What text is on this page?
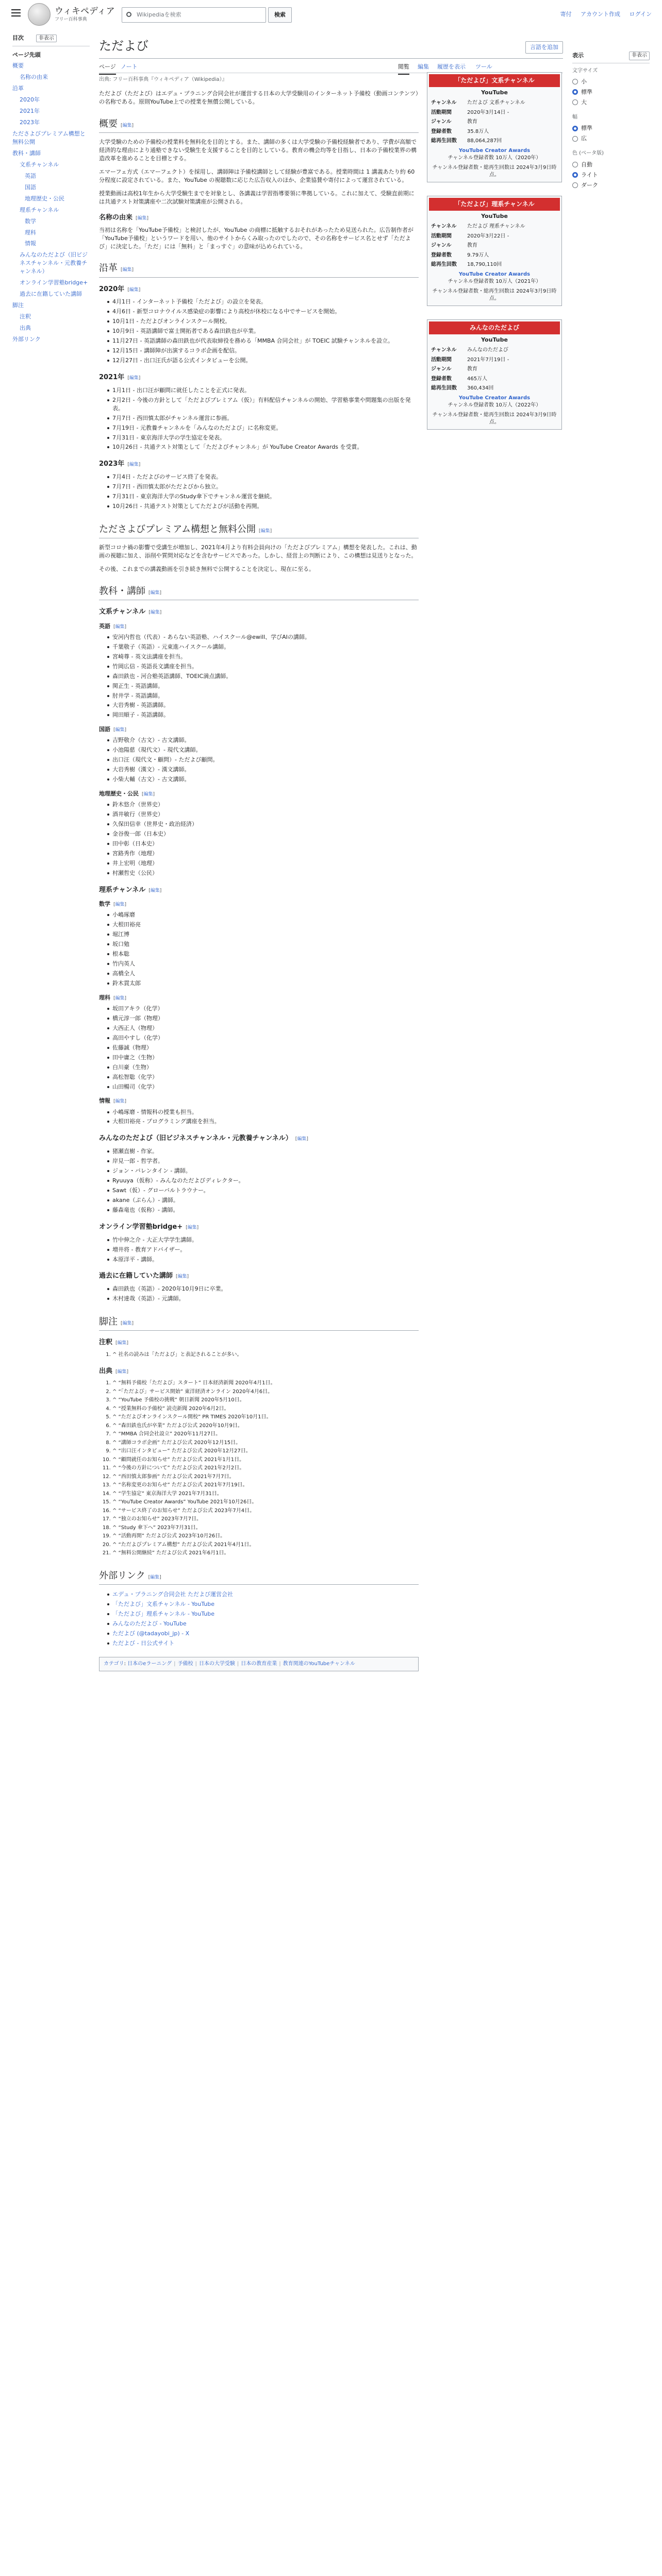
ウィキペディア
フリー百科事典
Wikipediaを検索	検索	寄付 アカウント作成 ログイン
目次	非表示
ページ先頭
概要
名称の由来
沿革
2020年
2021年
2023年
たださよびプレミアム構想と無料公開
教科・講師
文系チャンネル
英語
国語
地理歴史・公民
理系チャンネル
数学
理科
情報
みんなのただよび（旧ビジネスチャンネル・元教養チャンネル）
オンライン学習塾bridge+
過去に在籍していた講師
脚注
注釈
出典
外部リンク
ただよび	言語を追加
ページ ノート	閲覧 編集 履歴を表示 ツール
出典: フリー百科事典『ウィキペディア（Wikipedia）』

ただよび（ただよび）はエデュ・プラニング合同会社が運営する日本の大学受験用のインターネット予備校（動画コンテンツ）の名称である。原則YouTube上での授業を無償公開している。

概要 [編集]

大学受験のための予備校の授業料を無料化を目的とする。また、講師の多くは大学受験の予備校経験者であり、学費が高額で経済的な理由により通塾できない受験生を支援することを目的としている。教育の機会均等を目指し、日本の予備校業界の構造改革を進めることを目標とする。

エマーフェ方式（エマーフェクト）を採用し、講師陣は予備校講師として経験が豊富である。授業時間は 1 講義あたり約 60 分程度に設定されている。また、YouTube の視聴数に応じた広告収入のほか、企業協賛や寄付によって運営されている。

授業動画は高校1年生から大学受験生までを対象とし、各講義は学習指導要領に準拠している。これに加えて、受験直前期には共通テスト対策講座や二次試験対策講座が公開される。

名称の由来 [編集]

当初は名称を「YouTube予備校」と検討したが、YouTube の商標に抵触するおそれがあったため見送られた。広告制作者が「YouTube予備校」というワードを用い、他のサイトからくみ取ったのでしたので、その名称をサービス名とせず「ただよび」に決定した。「ただ」には「無料」と「まっすぐ」の意味が込められている。

沿革 [編集]
2020年 [編集]
4月1日 - インターネット予備校「ただよび」の設立を発表。
4月6日 - 新型コロナウイルス感染症の影響により高校が休校になる中でサービスを開始。
10月1日 - ただよびオンラインスクール開校。
10月9日 - 英語講師で富士開拓者である森田鉄也が卒業。
11月27日 - 英語講師の森田鉄也が代表取締役を務める「MMBA 合同会社」が TOEIC 試験チャンネルを設立。
12月15日 - 講師陣が出演するコラボ企画を配信。
12月27日 - 出口汪氏が語る公式インタビューを公開。
2021年 [編集]
1月1日 - 出口汪が顧問に就任したことを正式に発表。
2月2日 - 今後の方針として「ただよびプレミアム（仮）」有料配信チャンネルの開始、学習塾事業や問題集の出版を発表。
7月7日 - 西田慎太郎がチャンネル運営に参画。
7月19日 - 元教養チャンネルを「みんなのただよび」に名称変更。
7月31日 - 東京海洋大学の学生協定を発表。
10月26日 - 共通テスト対策として「ただよびチャンネル」が YouTube Creator Awards を受賞。
2023年 [編集]
7月4日 - ただよびのサービス終了を発表。
7月7日 - 西田慎太郎がただよびから独立。
7月31日 - 東京海洋大学のStudy傘下でチャンネル運営を継続。
10月26日 - 共通テスト対策としてただよびが活動を再開。
たださよびプレミアム構想と無料公開 [編集]

新型コロナ禍の影響で受講生が増加し、2021年4月より有料会員向けの「ただよびプレミアム」構想を発表した。これは、動画の視聴に加え、添削や質問対応などを含むサービスであった。しかし、経営上の判断により、この構想は見送りとなった。

その後、これまでの講義動画を引き続き無料で公開することを決定し、現在に至る。

教科・講師 [編集]
文系チャンネル [編集]
英語 [編集]
安河内哲也（代表）- あらない英語塾、ハイスクール@ewill、学びAIの講師。
千葉敬子（英語）- 元東進ハイスクール講師。
宮崎尊 - 英文法講座を担当。
竹岡広信 - 英語長文講座を担当。
森田鉄也 - 河合塾英語講師、TOEIC満点講師。
関正生 - 英語講師。
肘井学 - 英語講師。
大岩秀樹 - 英語講師。
岡田順子 - 英語講師。
国語 [編集]
吉野敬介（古文）- 古文講師。
小池陽慈（現代文）- 現代文講師。
出口汪（現代文・顧問）- ただよび顧問。
大岩秀樹（漢文）- 漢文講師。
小柴大輔（古文）- 古文講師。
地理歴史・公民 [編集]
鈴木悠介（世界史）
酒井敏行（世界史）
久保田信幸（世界史・政治経済）
金谷俊一郎（日本史）
田中彰（日本史）
宮路秀作（地理）
井上宏明（地理）
村瀬哲史（公民）
理系チャンネル [編集]
数学 [編集]
小嶋琢磨
大根田裕亮
堀江博
坂口勉
根本聡
竹内英人
高橋全人
鈴木貫太郎
理科 [編集]
坂田アキラ（化学）
橋元淳一郎（物理）
大西正人（物理）
高田やすし（化学）
佐藤誠（物理）
田中庸之（生物）
白川豪（生物）
高松智聡（化学）
山田暢司（化学）
情報 [編集]
小嶋琢磨 - 情報科の授業も担当。
大根田裕亮 - プログラミング講座を担当。
みんなのただよび（旧ビジネスチャンネル・元教養チャンネル） [編集]
猪瀬直樹 - 作家。
岸見一郎 - 哲学者。
ジョン・バレンタイン - 講師。
Ryuuya（仮称）- みんなのただよびディレクター。
Sawt（仮）- グローバルトラウナー。
akane（ぷらん）- 講師。
藤森竜也（仮称）- 講師。
オンライン学習塾bridge+ [編集]
竹中伸之介 - 大正大学学生講師。
増井将 - 教育アドバイザー。
本原洋平 - 講師。
過去に在籍していた講師 [編集]
森田鉄也（英語）- 2020年10月9日に卒業。
木村達哉（英語）- 元講師。
脚注 [編集]
注釈 [編集]
1. ^ 社名の読みは「ただよび」と表記されることが多い。
出典 [編集]
1. ^ “無料予備校「ただよび」スタート” 日本経済新聞 2020年4月1日。
2. ^ “「ただよび」サービス開始” 東洋経済オンライン 2020年4月6日。
3. ^ “YouTube 予備校の挑戦” 朝日新聞 2020年5月10日。
4. ^ “授業無料の予備校” 読売新聞 2020年6月2日。
5. ^ “ただよびオンラインスクール開校” PR TIMES 2020年10月1日。
6. ^ “森田鉄也氏が卒業” ただよび公式 2020年10月9日。
7. ^ “MMBA 合同会社設立” 2020年11月27日。
8. ^ “講師コラボ企画” ただよび公式 2020年12月15日。
9. ^ “出口汪インタビュー” ただよび公式 2020年12月27日。
10. ^ “顧問就任のお知らせ” ただよび公式 2021年1月1日。
11. ^ “今後の方針について” ただよび公式 2021年2月2日。
12. ^ “西田慎太郎参画” ただよび公式 2021年7月7日。
13. ^ “名称変更のお知らせ” ただよび公式 2021年7月19日。
14. ^ “学生協定” 東京海洋大学 2021年7月31日。
15. ^ “YouTube Creator Awards” YouTube 2021年10月26日。
16. ^ “サービス終了のお知らせ” ただよび公式 2023年7月4日。
17. ^ “独立のお知らせ” 2023年7月7日。
18. ^ “Study 傘下へ” 2023年7月31日。
19. ^ “活動再開” ただよび公式 2023年10月26日。
20. ^ “ただよびプレミアム構想” ただよび公式 2021年4月1日。
21. ^ “無料公開継続” ただよび公式 2021年6月1日。
外部リンク [編集]
エデュ・プラニング合同会社 ただよび運営会社
「ただよび」文系チャンネル - YouTube
「ただよび」理系チャンネル - YouTube
みんなのただよび - YouTube
ただよび (@tadayobi_jp) - X
ただよび - 日公式サイト
カテゴリ: 日本のeラーニング | 予備校 | 日本の大学受験 | 日本の教育産業 | 教育関連のYouTubeチャンネル
「ただよび」文系チャンネル
YouTube
チャンネル	ただよび 文系チャンネル
活動期間	2020年3月14日 -
ジャンル	教育
登録者数	35.8万人
総再生回数	88,064,287回
YouTube Creator Awards
チャンネル登録者数 10万人（2020年）
チャンネル登録者数・総再生回数は 2024年3月9日時点。
「ただよび」理系チャンネル
YouTube
チャンネル	ただよび 理系チャンネル
活動期間	2020年3月22日 -
ジャンル	教育
登録者数	9.79万人
総再生回数	18,790,110回
YouTube Creator Awards
チャンネル登録者数 10万人（2021年）
チャンネル登録者数・総再生回数は 2024年3月9日時点。
みんなのただよび
YouTube
チャンネル	みんなのただよび
活動期間	2021年7月19日 -
ジャンル	教育
登録者数	465万人
総再生回数	360,434回
YouTube Creator Awards
チャンネル登録者数 10万人（2022年）
チャンネル登録者数・総再生回数は 2024年3月9日時点。
表示	非表示
文字サイズ
小
標準
大
幅
標準
広
色 (ベータ版)
自動
ライト
ダーク
